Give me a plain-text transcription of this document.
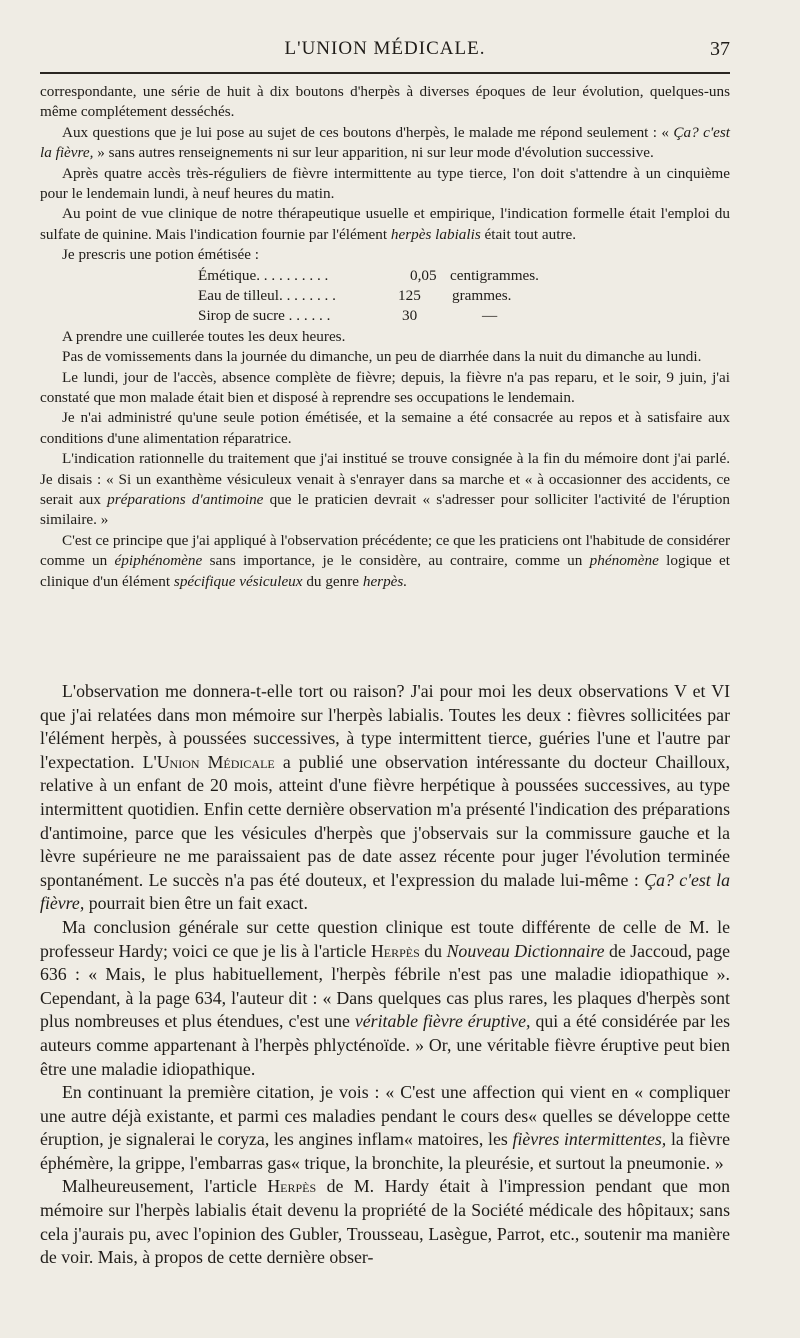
L'UNION MÉDICALE.	37

correspondante, une série de huit à dix boutons d'herpès à diverses époques de leur évolution, quelques-uns même complétement desséchés.

Aux questions que je lui pose au sujet de ces boutons d'herpès, le malade me répond seulement : « Ça? c'est la fièvre, » sans autres renseignements ni sur leur apparition, ni sur leur mode d'évolution successive.

Après quatre accès très-réguliers de fièvre intermittente au type tierce, l'on doit s'attendre à un cinquième pour le lendemain lundi, à neuf heures du matin.

Au point de vue clinique de notre thérapeutique usuelle et empirique, l'indication formelle était l'emploi du sulfate de quinine. Mais l'indication fournie par l'élément herpès labialis était tout autre.

Je prescris une potion émétisée :

Émétique. . . . . . . . . .	0,05 centigrammes.
Eau de tilleul. . . . . . . .	125 grammes.
Sirop de sucre . . . . . .	30	—

A prendre une cuillerée toutes les deux heures.

Pas de vomissements dans la journée du dimanche, un peu de diarrhée dans la nuit du dimanche au lundi.

Le lundi, jour de l'accès, absence complète de fièvre; depuis, la fièvre n'a pas reparu, et le soir, 9 juin, j'ai constaté que mon malade était bien et disposé à reprendre ses occupations le lendemain.

Je n'ai administré qu'une seule potion émétisée, et la semaine a été consacrée au repos et à satisfaire aux conditions d'une alimentation réparatrice.

L'indication rationnelle du traitement que j'ai institué se trouve consignée à la fin du mémoire dont j'ai parlé. Je disais : « Si un exanthème vésiculeux venait à s'enrayer dans sa marche et « à occasionner des accidents, ce serait aux préparations d'antimoine que le praticien devrait « s'adresser pour solliciter l'activité de l'éruption similaire. »

C'est ce principe que j'ai appliqué à l'observation précédente; ce que les praticiens ont l'habitude de considérer comme un épiphénomène sans importance, je le considère, au contraire, comme un phénomène logique et clinique d'un élément spécifique vésiculeux du genre herpès.

L'observation me donnera-t-elle tort ou raison? J'ai pour moi les deux observations V et VI que j'ai relatées dans mon mémoire sur l'herpès labialis. Toutes les deux : fièvres sollicitées par l'élément herpès, à poussées successives, à type intermittent tierce, guéries l'une et l'autre par l'expectation. L'Union Médicale a publié une observation intéressante du docteur Chailloux, relative à un enfant de 20 mois, atteint d'une fièvre herpétique à poussées successives, au type intermittent quotidien. Enfin cette dernière observation m'a présenté l'indication des préparations d'antimoine, parce que les vésicules d'herpès que j'observais sur la commissure gauche et la lèvre supérieure ne me paraissaient pas de date assez récente pour juger l'évolution terminée spontanément. Le succès n'a pas été douteux, et l'expression du malade lui-même : Ça? c'est la fièvre, pourrait bien être un fait exact.

Ma conclusion générale sur cette question clinique est toute différente de celle de M. le professeur Hardy; voici ce que je lis à l'article Herpès du Nouveau Dictionnaire de Jaccoud, page 636 : « Mais, le plus habituellement, l'herpès fébrile n'est pas une maladie idiopathique ». Cependant, à la page 634, l'auteur dit : « Dans quelques cas plus rares, les plaques d'herpès sont plus nombreuses et plus étendues, c'est une véritable fièvre éruptive, qui a été considérée par les auteurs comme appartenant à l'herpès phlycténoïde. » Or, une véritable fièvre éruptive peut bien être une maladie idiopathique.

En continuant la première citation, je vois : « C'est une affection qui vient en « compliquer une autre déjà existante, et parmi ces maladies pendant le cours des« quelles se développe cette éruption, je signalerai le coryza, les angines inflam« matoires, les fièvres intermittentes, la fièvre éphémère, la grippe, l'embarras gas« trique, la bronchite, la pleurésie, et surtout la pneumonie. »

Malheureusement, l'article Herpès de M. Hardy était à l'impression pendant que mon mémoire sur l'herpès labialis était devenu la propriété de la Société médicale des hôpitaux; sans cela j'aurais pu, avec l'opinion des Gubler, Trousseau, Lasègue, Parrot, etc., soutenir ma manière de voir. Mais, à propos de cette dernière obser-
